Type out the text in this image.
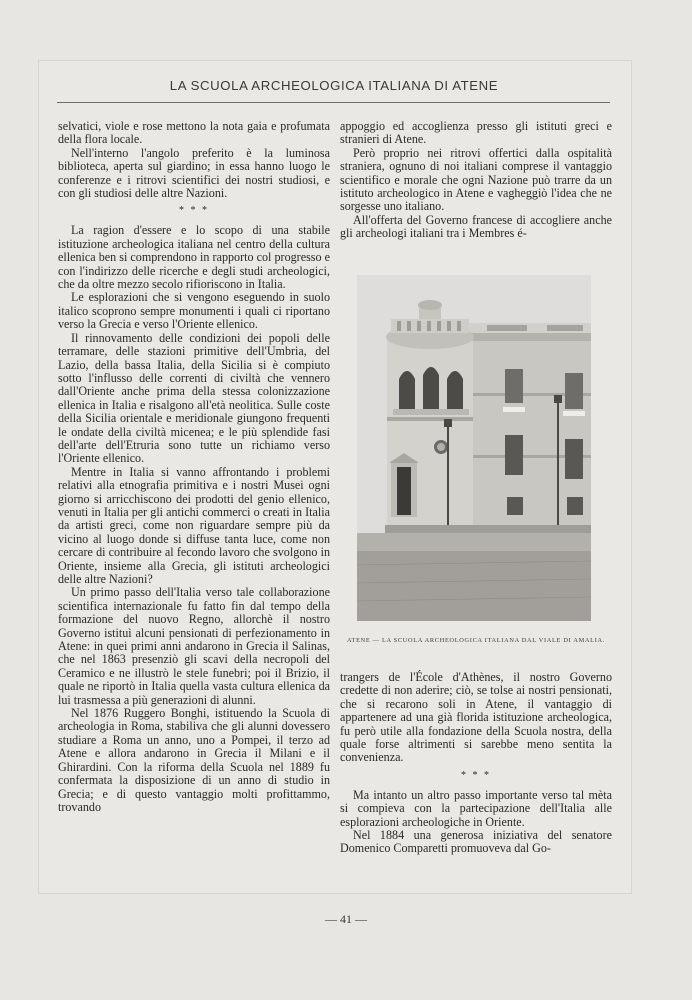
LA SCUOLA ARCHEOLOGICA ITALIANA DI ATENE

selvatici, viole e rose mettono la nota gaia e profumata della flora locale.

Nell'interno l'angolo preferito è la luminosa biblioteca, aperta sul giardino; in essa hanno luogo le conferenze e i ritrovi scientifici dei nostri studiosi, e con gli studiosi delle altre Nazioni.

* * *

La ragion d'essere e lo scopo di una stabile istituzione archeologica italiana nel centro della cultura ellenica ben si comprendono in rapporto col progresso e con l'indirizzo delle ricerche e degli studi archeologici, che da oltre mezzo secolo rifioriscono in Italia.

Le esplorazioni che si vengono eseguendo in suolo italico scoprono sempre monumenti i quali ci riportano verso la Grecia e verso l'Oriente ellenico.

Il rinnovamento delle condizioni dei popoli delle terramare, delle stazioni primitive dell'Umbria, del Lazio, della bassa Italia, della Sicilia si è compiuto sotto l'influsso delle correnti di civiltà che vennero dall'Oriente anche prima della stessa colonizzazione ellenica in Italia e risalgono all'età neolitica. Sulle coste della Sicilia orientale e meridionale giungono frequenti le ondate della civiltà micenea; e le più splendide fasi dell'arte dell'Etruria sono tutte un richiamo verso l'Oriente ellenico.

Mentre in Italia si vanno affrontando i problemi relativi alla etnografia primitiva e i nostri Musei ogni giorno si arricchiscono dei prodotti del genio ellenico, venuti in Italia per gli antichi commerci o creati in Italia da artisti greci, come non riguardare sempre più da vicino al luogo donde si diffuse tanta luce, come non cercare di contribuire al fecondo lavoro che svolgono in Oriente, insieme alla Grecia, gli istituti archeologici delle altre Nazioni?

Un primo passo dell'Italia verso tale collaborazione scientifica internazionale fu fatto fin dal tempo della formazione del nuovo Regno, allorchè il nostro Governo istituì alcuni pensionati di perfezionamento in Atene: in quei primi anni andarono in Grecia il Salinas, che nel 1863 presenziò gli scavi della necropoli del Ceramico e ne illustrò le stele funebri; poi il Brizio, il quale ne riportò in Italia quella vasta cultura ellenica da lui trasmessa a più generazioni di alunni.

Nel 1876 Ruggero Bonghi, istituendo la Scuola di archeologia in Roma, stabiliva che gli alunni dovessero studiare a Roma un anno, uno a Pompei, il terzo ad Atene e allora andarono in Grecia il Milani e il Ghirardini. Con la riforma della Scuola nel 1889 fu confermata la disposizione di un anno di studio in Grecia; e di questo vantaggio molti profittammo, trovando

appoggio ed accoglienza presso gli istituti greci e stranieri di Atene.

Però proprio nei ritrovi offertici dalla ospitalità straniera, ognuno di noi italiani comprese il vantaggio scientifico e morale che ogni Nazione può trarre da un istituto archeologico in Atene e vagheggiò l'idea che ne sorgesse uno italiano.

All'offerta del Governo francese di accogliere anche gli archeologi italiani tra i Membres é-

ATENE — LA SCUOLA ARCHEOLOGICA ITALIANA DAL VIALE DI AMALIA.

trangers de l'École d'Athènes, il nostro Governo credette di non aderire; ciò, se tolse ai nostri pensionati, che si recarono soli in Atene, il vantaggio di appartenere ad una già florida istituzione archeologica, fu però utile alla fondazione della Scuola nostra, della quale forse altrimenti si sarebbe meno sentita la convenienza.

* * *

Ma intanto un altro passo importante verso tal mèta si compieva con la partecipazione dell'Italia alle esplorazioni archeologiche in Oriente.

Nel 1884 una generosa iniziativa del senatore Domenico Comparetti promuoveva dal Go-

— 41 —
